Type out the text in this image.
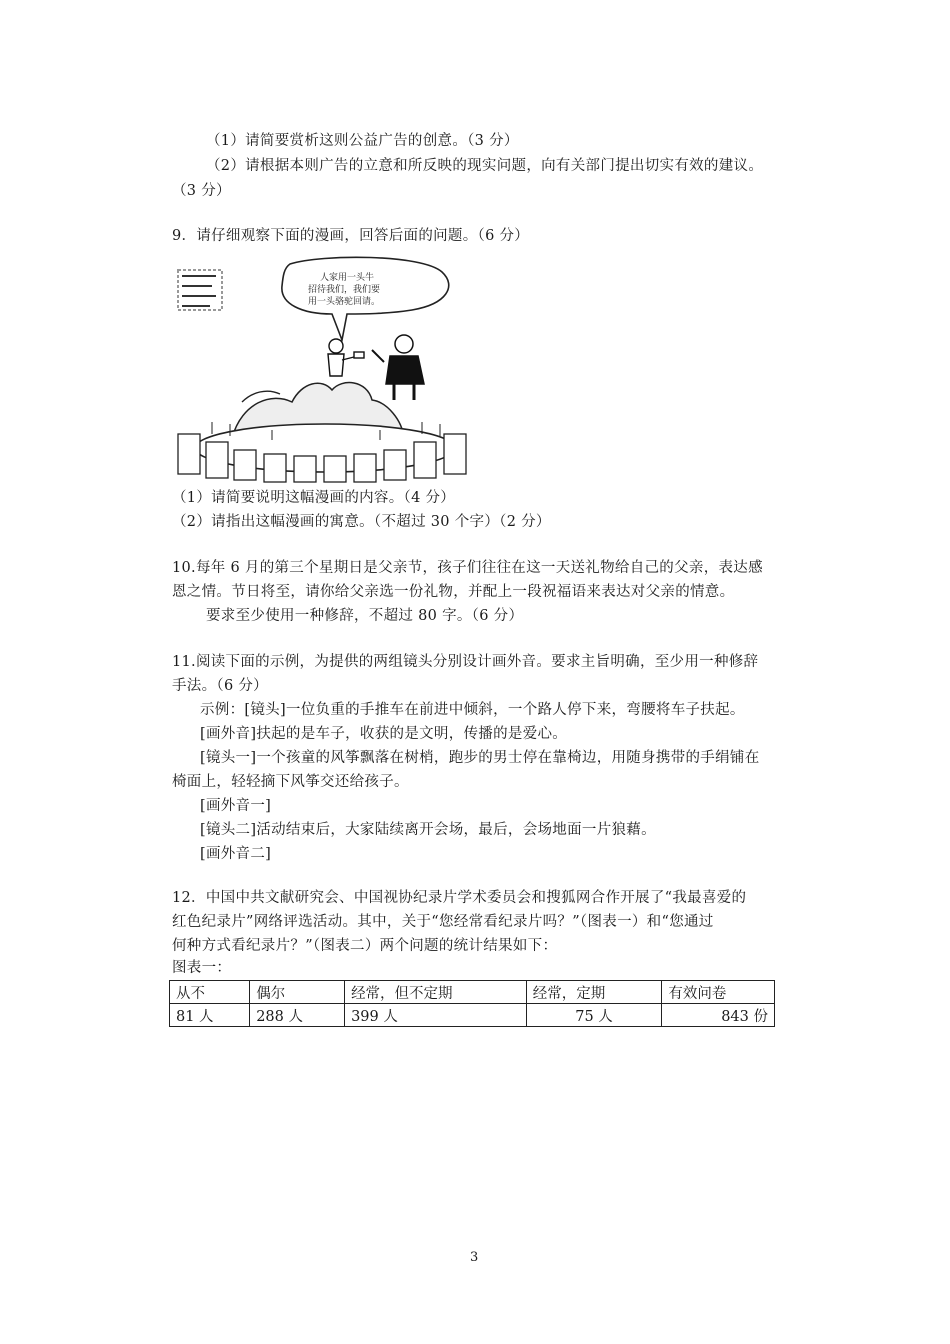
（1）请简要赏析这则公益广告的创意。（3 分）
（2）请根据本则广告的立意和所反映的现实问题，向有关部门提出切实有效的建议。
（3 分）
9．请仔细观察下面的漫画，回答后面的问题。（6 分）
人家用一头牛
招待我们，我们要
用一头骆驼回请。
（1）请简要说明这幅漫画的内容。（4 分）
（2）请指出这幅漫画的寓意。（不超过 30 个字）（2 分）
10.每年 6 月的第三个星期日是父亲节，孩子们往往在这一天送礼物给自己的父亲，表达感
恩之情。节日将至，请你给父亲选一份礼物，并配上一段祝福语来表达对父亲的情意。
要求至少使用一种修辞，不超过 80 字。（6 分）
11.阅读下面的示例，为提供的两组镜头分别设计画外音。要求主旨明确，至少用一种修辞
手法。（6 分）
示例：[镜头]一位负重的手推车在前进中倾斜，一个路人停下来，弯腰将车子扶起。
[画外音]扶起的是车子，收获的是文明，传播的是爱心。
[镜头一]一个孩童的风筝飘落在树梢，跑步的男士停在靠椅边，用随身携带的手绢铺在
椅面上，轻轻摘下风筝交还给孩子。
[画外音一]
[镜头二]活动结束后，大家陆续离开会场，最后，会场地面一片狼藉。
[画外音二]
12．中国中共文献研究会、中国视协纪录片学术委员会和搜狐网合作开展了“我最喜爱的
红色纪录片”网络评选活动。其中，关于“您经常看纪录片吗？”（图表一）和“您通过
何种方式看纪录片？”（图表二）两个问题的统计结果如下：
图表一：
从不	偶尔	经常，但不定期	经常，定期	有效问卷
81 人	288 人	399 人	75 人	843 份
3
